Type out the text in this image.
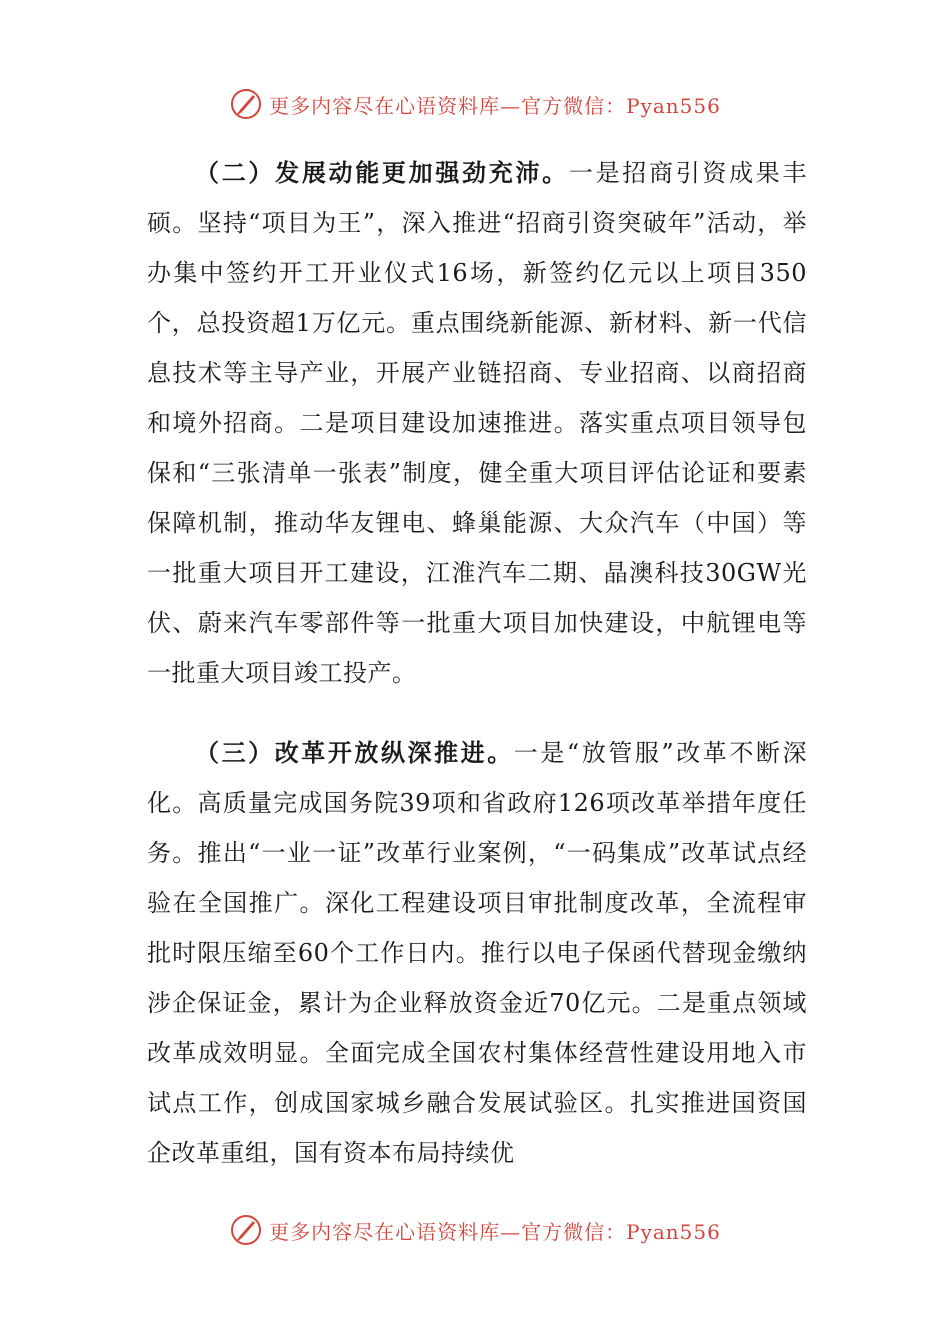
更多内容尽在心语资料库—官方微信：Pyan556

（二）发展动能更加强劲充沛。一是招商引资成果丰硕。坚持“项目为王”，深入推进“招商引资突破年”活动，举办集中签约开工开业仪式16场，新签约亿元以上项目350个，总投资超1万亿元。重点围绕新能源、新材料、新一代信息技术等主导产业，开展产业链招商、专业招商、以商招商和境外招商。二是项目建设加速推进。落实重点项目领导包保和“三张清单一张表”制度，健全重大项目评估论证和要素保障机制，推动华友锂电、蜂巢能源、大众汽车（中国）等一批重大项目开工建设，江淮汽车二期、晶澳科技30GW光伏、蔚来汽车零部件等一批重大项目加快建设，中航锂电等一批重大项目竣工投产。

（三）改革开放纵深推进。一是“放管服”改革不断深化。高质量完成国务院39项和省政府126项改革举措年度任务。推出“一业一证”改革行业案例，“一码集成”改革试点经验在全国推广。深化工程建设项目审批制度改革，全流程审批时限压缩至60个工作日内。推行以电子保函代替现金缴纳涉企保证金，累计为企业释放资金近70亿元。二是重点领域改革成效明显。全面完成全国农村集体经营性建设用地入市试点工作，创成国家城乡融合发展试验区。扎实推进国资国企改革重组，国有资本布局持续优

更多内容尽在心语资料库—官方微信：Pyan556
